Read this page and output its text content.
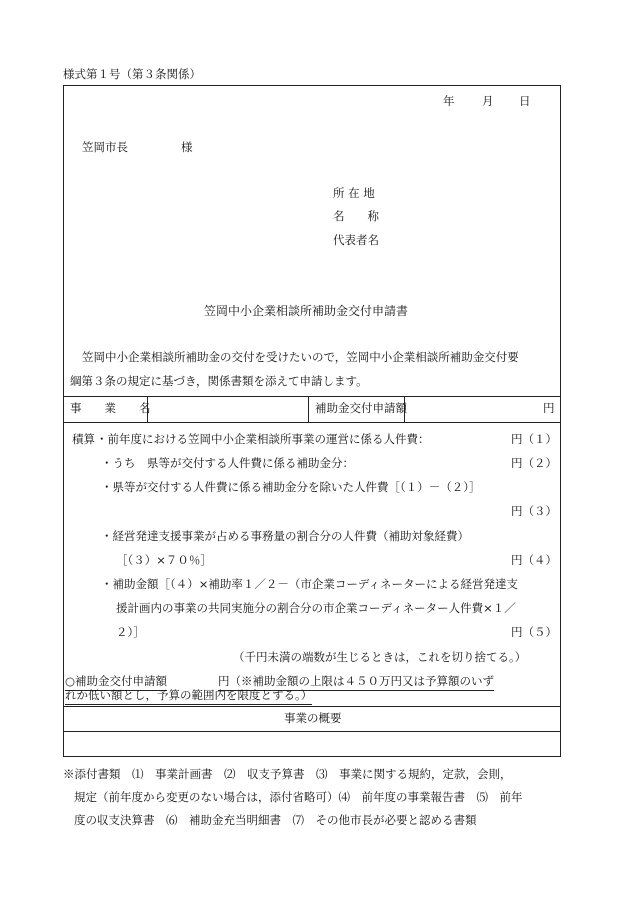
様式第１号（第３条関係）
年 月 日
笠岡市長	様
所 在 地
名　　称
代表者名
笠岡中小企業相談所補助金交付申請書
笠岡中小企業相談所補助金の交付を受けたいので，笠岡中小企業相談所補助金交付要
綱第３条の規定に基づき，関係書類を添えて申請します。
事　　業　　名	補助金交付申請額	円
積算 ・前年度における笠岡中小企業相談所事業の運営に係る人件費：	円（１）
・うち　県等が交付する人件費に係る補助金分：	円（２）
・県等が交付する人件費に係る補助金分を除いた人件費［（１）－（２）］
円（３）
・経営発達支援事業が占める事務量の割合分の人件費（補助対象経費）
［（３）×７０％］	円（４）
・補助金額［（４）×補助率１／２－（市企業コーディネーターによる経営発達支
援計画内の事業の共同実施分の割合分の市企業コーディネーター人件費×１／
２）］	円（５）
（千円未満の端数が生じるときは，これを切り捨てる。）
○補助金交付申請額	円（※補助金額の上限は４５０万円又は予算額のいず
れか低い額とし，予算の範囲内を限度とする。）
事業の概要
※添付書類　⑴　事業計画書　⑵　収支予算書　⑶　事業に関する規約，定款，会則，
規定（前年度から変更のない場合は，添付省略可）⑷　前年度の事業報告書　⑸　前年
度の収支決算書　⑹　補助金充当明細書　⑺　その他市長が必要と認める書類
